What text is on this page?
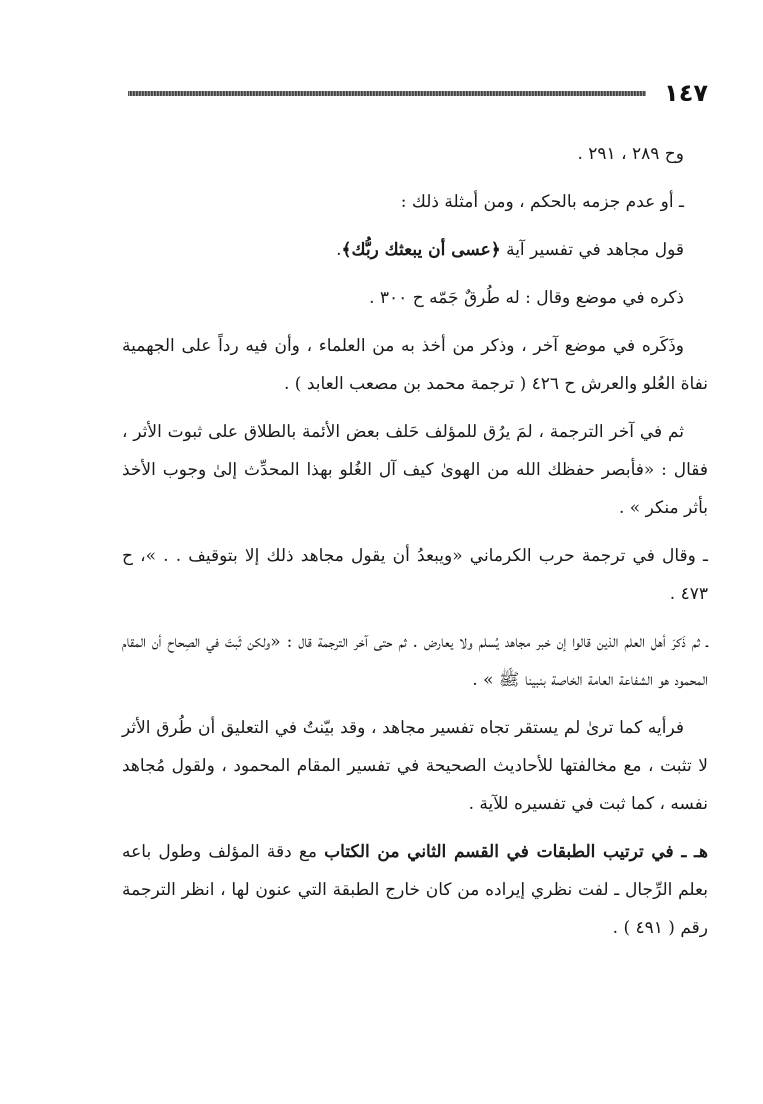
١٤٧

وح ٢٨٩ ، ٢٩١ .

ـ أو عدم جزمه بالحكم ، ومن أمثلة ذلك :

قول مجاهد في تفسير آية ﴿عسى أن يبعثك ربُّك﴾.

ذكره في موضع وقال : له طُرقٌ جَمّه ح ٣٠٠ .

وذَكَره في موضع آخر ، وذكر من أخذ به من العلماء ، وأن فيه رداً على الجهمية نفاة العُلو والعرش ح ٤٢٦ ( ترجمة محمد بن مصعب العابد ) .

ثم في آخر الترجمة ، لمَ يرُق للمؤلف حَلف بعض الأئمة بالطلاق على ثبوت الأثر ، فقال : «فأبصر حفظك الله من الهوىٰ كيف آل الغُلو بهذا المحدِّث إلىٰ وجوب الأخذ بأثر منكر » .

ـ وقال في ترجمة حرب الكرماني «ويبعدُ أن يقول مجاهد ذلك إلا بتوقيف . . »، ح ٤٧٣ .

ـ ثم ذَكرَ أهل العلم الذين قالوا إن خبر مجاهد يُسلم ولا يعارض . ثم حتى آخر الترجمة قال : «ولكن ثَبتَ في الصِحاح أن المقام المحمود هو الشفاعة العامة الخاصة بنبينا ﷺ » .

فرأيه كما ترىٰ لم يستقر تجاه تفسير مجاهد ، وقد بيّنتُ في التعليق أن طُرق الأثر لا تثبت ، مع مخالفتها للأحاديث الصحيحة في تفسير المقام المحمود ، ولقول مُجاهد نفسه ، كما ثبت في تفسيره للآية .

هـ ـ في ترتيب الطبقات في القسم الثاني من الكتاب مع دقة المؤلف وطول باعه بعلم الرِّجال ـ لفت نظري إيراده من كان خارج الطبقة التي عنون لها ، انظر الترجمة رقم ( ٤٩١ ) .
